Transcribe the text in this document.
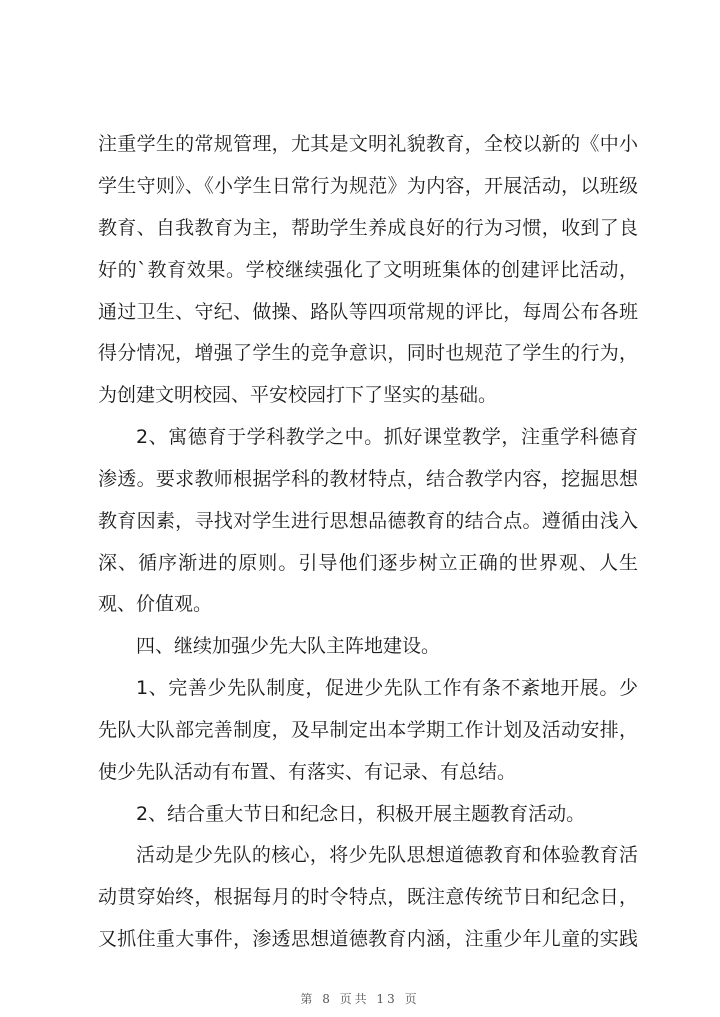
注重学生的常规管理，尤其是文明礼貌教育，全校以新的《中小
学生守则》、《小学生日常行为规范》为内容，开展活动，以班级
教育、自我教育为主，帮助学生养成良好的行为习惯，收到了良
好的`教育效果。学校继续强化了文明班集体的创建评比活动，
通过卫生、守纪、做操、路队等四项常规的评比，每周公布各班
得分情况，增强了学生的竞争意识，同时也规范了学生的行为，
为创建文明校园、平安校园打下了坚实的基础。
2、寓德育于学科教学之中。抓好课堂教学，注重学科德育
渗透。要求教师根据学科的教材特点，结合教学内容，挖掘思想
教育因素，寻找对学生进行思想品德教育的结合点。遵循由浅入
深、循序渐进的原则。引导他们逐步树立正确的世界观、人生
观、价值观。
四、继续加强少先大队主阵地建设。
1、完善少先队制度，促进少先队工作有条不紊地开展。少
先队大队部完善制度，及早制定出本学期工作计划及活动安排，
使少先队活动有布置、有落实、有记录、有总结。
2、结合重大节日和纪念日，积极开展主题教育活动。
活动是少先队的核心，将少先队思想道德教育和体验教育活
动贯穿始终，根据每月的时令特点，既注意传统节日和纪念日，
又抓住重大事件，渗透思想道德教育内涵，注重少年儿童的实践
第 8 页共 13 页
